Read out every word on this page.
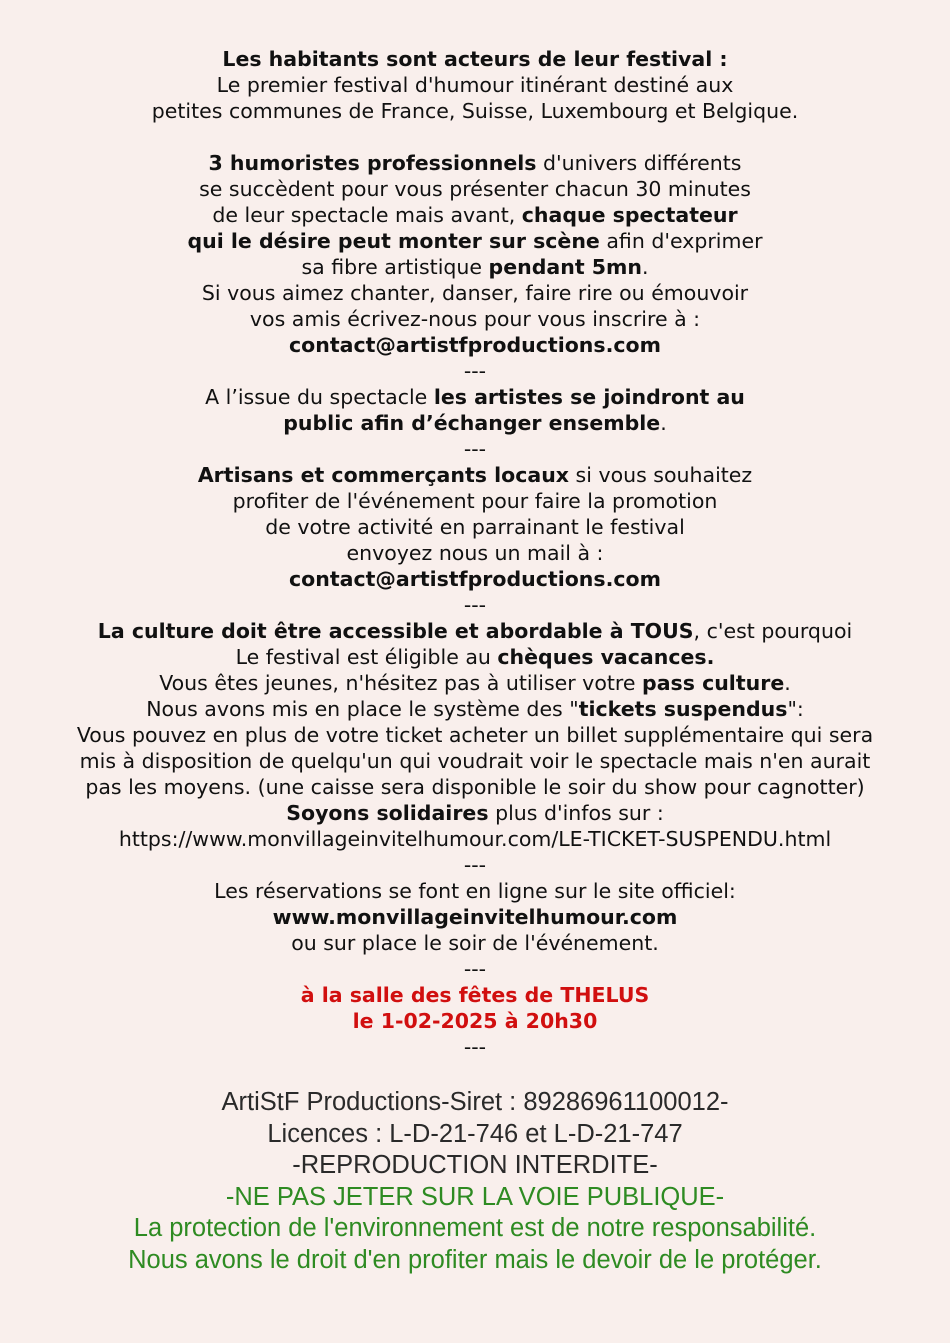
Les habitants sont acteurs de leur festival :
Le premier festival d'humour itinérant destiné aux
petites communes de France, Suisse, Luxembourg et Belgique.
3 humoristes professionnels d'univers différents
se succèdent pour vous présenter chacun 30 minutes
de leur spectacle mais avant, chaque spectateur
qui le désire peut monter sur scène afin d'exprimer
sa fibre artistique pendant 5mn.
Si vous aimez chanter, danser, faire rire ou émouvoir
vos amis écrivez-nous pour vous inscrire à :
contact@artistfproductions.com
---
A l’issue du spectacle les artistes se joindront au
public afin d’échanger ensemble.
---
Artisans et commerçants locaux si vous souhaitez
profiter de l'événement pour faire la promotion
de votre activité en parrainant le festival
envoyez nous un mail à :
contact@artistfproductions.com
---
La culture doit être accessible et abordable à TOUS, c'est pourquoi
Le festival est éligible au chèques vacances.
Vous êtes jeunes, n'hésitez pas à utiliser votre pass culture.
Nous avons mis en place le système des "tickets suspendus":
Vous pouvez en plus de votre ticket acheter un billet supplémentaire qui sera
mis à disposition de quelqu'un qui voudrait voir le spectacle mais n'en aurait
pas les moyens. (une caisse sera disponible le soir du show pour cagnotter)
Soyons solidaires plus d'infos sur :
https://www.monvillageinvitelhumour.com/LE-TICKET-SUSPENDU.html
---
Les réservations se font en ligne sur le site officiel:
www.monvillageinvitelhumour.com
ou sur place le soir de l'événement.
---
à la salle des fêtes de THELUS
le 1-02-2025 à 20h30
---
ArtiStF Productions-Siret : 89286961100012-
Licences : L-D-21-746 et L-D-21-747
-REPRODUCTION INTERDITE-
-NE PAS JETER SUR LA VOIE PUBLIQUE-
La protection de l'environnement est de notre responsabilité.
Nous avons le droit d'en profiter mais le devoir de le protéger.
